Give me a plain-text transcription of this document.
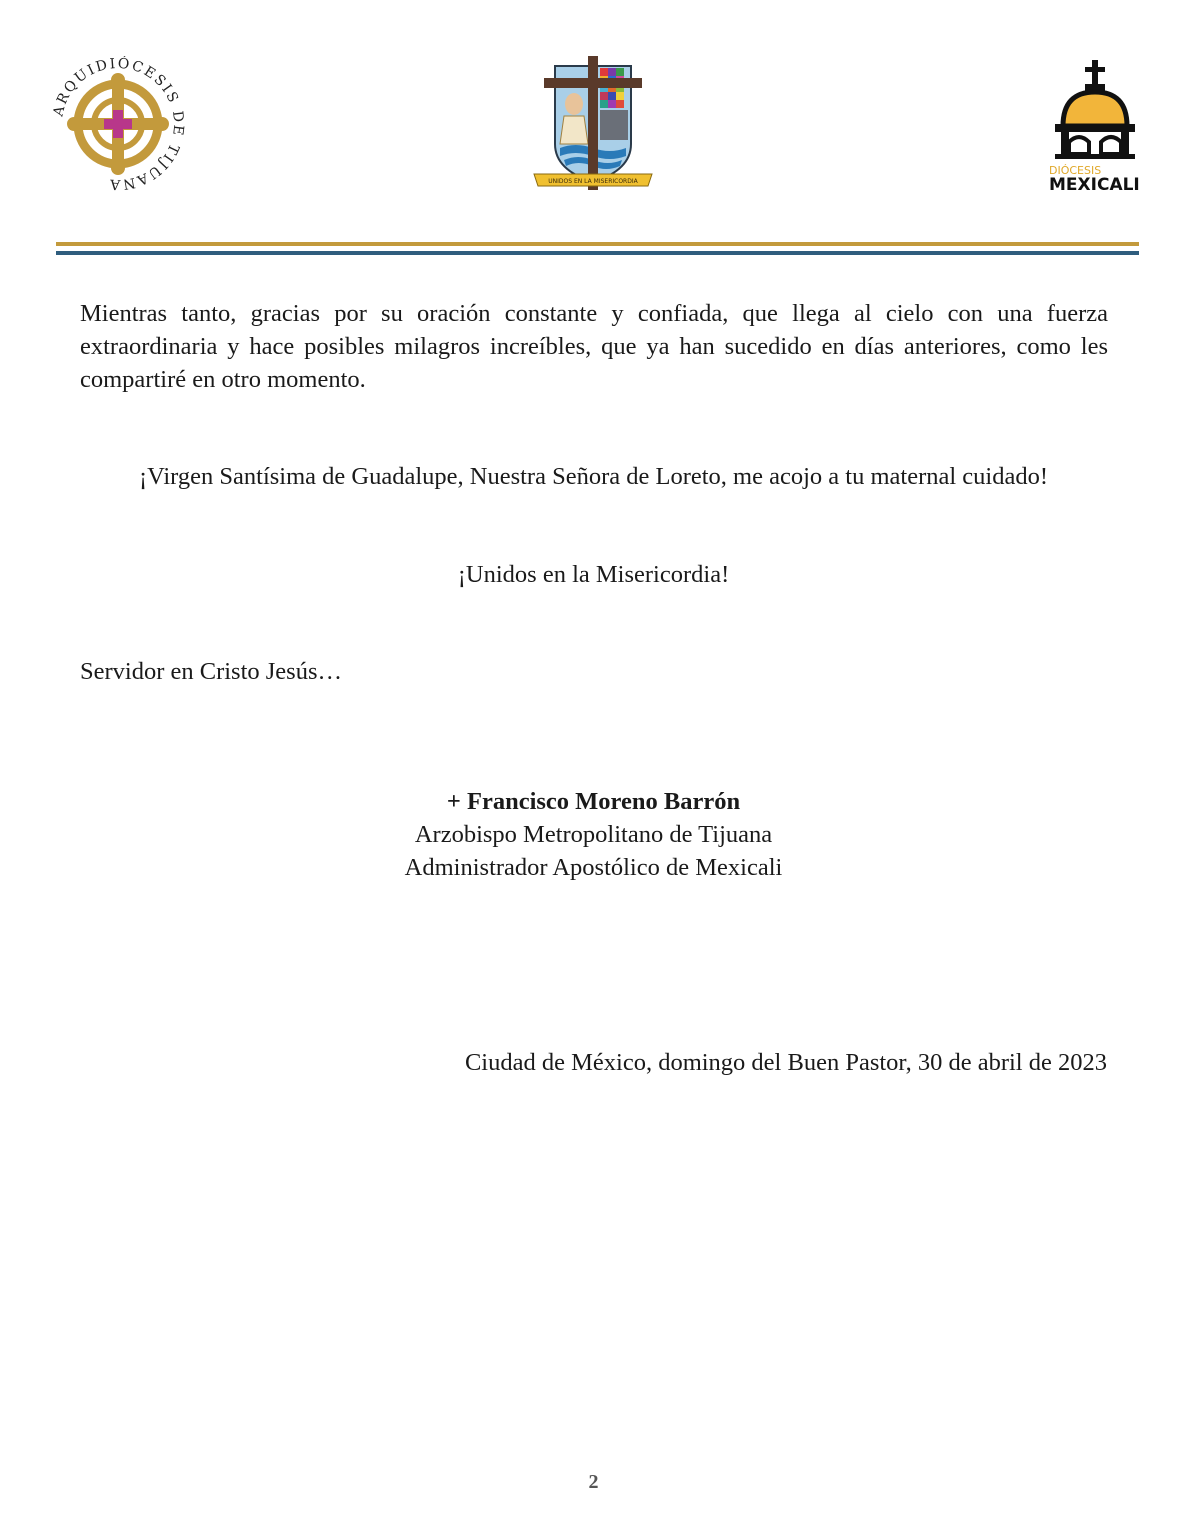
ARQUIDIÓCESIS DE TIJUANA	UNIDOS EN LA MISERICORDIA
DIÓCESIS
MEXICALI

Mientras tanto, gracias por su oración constante y confiada, que llega al cielo con una fuerza extraordinaria y hace posibles milagros increíbles, que ya han sucedido en días anteriores, como les compartiré en otro momento.

¡Virgen Santísima de Guadalupe, Nuestra Señora de Loreto, me acojo a tu maternal cuidado!

¡Unidos en la Misericordia!

Servidor en Cristo Jesús…

+ Francisco Moreno Barrón
Arzobispo Metropolitano de Tijuana
Administrador Apostólico de Mexicali

Ciudad de México, domingo del Buen Pastor, 30 de abril de 2023

2
